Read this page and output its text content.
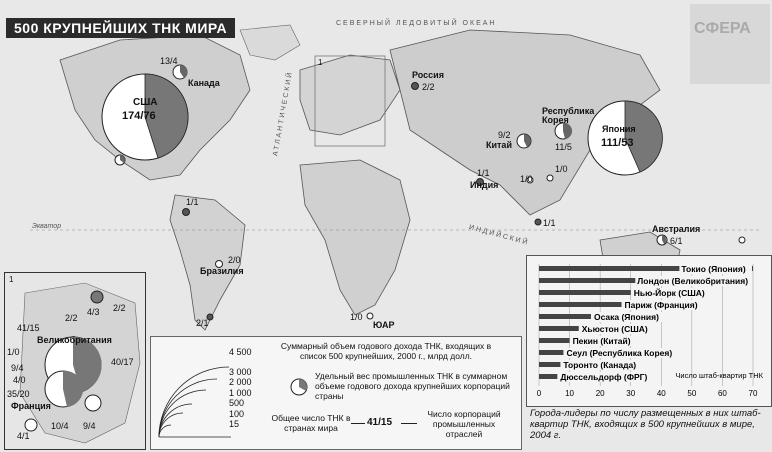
СФЕРА
500 КРУПНЕЙШИХ ТНК МИРА	СЕВЕРНЫЙ ЛЕДОВИТЫЙ ОКЕАН
АТЛАНТИЧЕСКИЙ
ИНДИЙСКИЙ
Экватор
1
США
174/76
13/4
Канада
Россия
2/2
Республика Корея
11/5
Япония
111/53
9/2
Китай
1/1
Индия
1/0
1/0
1/1
Бразилия
2/0
2/1
1/1
Австралия
6/1
1/0
ЮАР
1
Великобритания
41/15
2/2
2/2
4/3
40/17
1/0
9/4
4/0
35/20
Франция
10/4 9/4
4/1
4 500
3 000
2 000
1 000
500
100
15
Суммарный объем годового дохода ТНК, входящих в список 500 крупнейших, 2000 г., млрд долл.
Удельный вес промышленных ТНК в суммарном объеме годового дохода крупнейших корпораций страны
Общее число ТНК в странах мира	41/15
Число корпораций промышленных отраслей
0	10	20	30	40	50	60	70
Токио (Япония)
Лондон (Великобритания)
Нью-Йорк (США)
Париж (Франция)
Осака (Япония)
Хьюстон (США)
Пекин (Китай)
Сеул (Республика Корея)
Торонто (Канада)
Дюссельдорф (ФРГ)	Число штаб-квартир ТНК
Города-лидеры по числу размещенных в них штаб-квартир ТНК, входящих в 500 крупнейших в мире, 2004 г.
